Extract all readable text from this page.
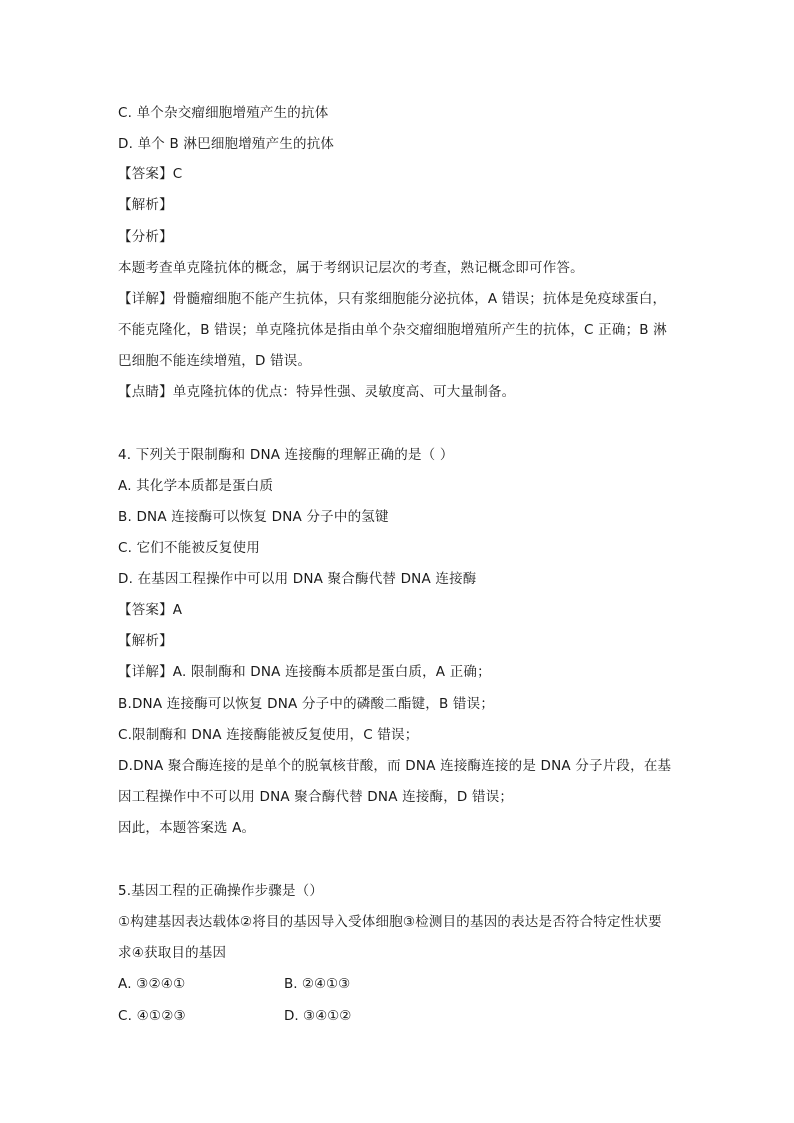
C. 单个杂交瘤细胞增殖产生的抗体
D. 单个 B 淋巴细胞增殖产生的抗体
【答案】C
【解析】
【分析】
本题考查单克隆抗体的概念，属于考纲识记层次的考查，熟记概念即可作答。
【详解】骨髓瘤细胞不能产生抗体，只有浆细胞能分泌抗体，A 错误；抗体是免疫球蛋白，
不能克隆化，B 错误；单克隆抗体是指由单个杂交瘤细胞增殖所产生的抗体，C 正确；B 淋
巴细胞不能连续增殖，D 错误。
【点睛】单克隆抗体的优点：特异性强、灵敏度高、可大量制备。
4. 下列关于限制酶和 DNA 连接酶的理解正确的是（ ）
A. 其化学本质都是蛋白质
B. DNA 连接酶可以恢复 DNA 分子中的氢键
C. 它们不能被反复使用
D. 在基因工程操作中可以用 DNA 聚合酶代替 DNA 连接酶
【答案】A
【解析】
【详解】A. 限制酶和 DNA 连接酶本质都是蛋白质，A 正确；
B.DNA 连接酶可以恢复 DNA 分子中的磷酸二酯键，B 错误；
C.限制酶和 DNA 连接酶能被反复使用，C 错误；
D.DNA 聚合酶连接的是单个的脱氧核苷酸，而 DNA 连接酶连接的是 DNA 分子片段，在基
因工程操作中不可以用 DNA 聚合酶代替 DNA 连接酶，D 错误；
因此，本题答案选 A。
5.基因工程的正确操作步骤是（）
①构建基因表达载体②将目的基因导入受体细胞③检测目的基因的表达是否符合特定性状要
求④获取目的基因
A. ③②④①	B. ②④①③
C. ④①②③	D. ③④①②
